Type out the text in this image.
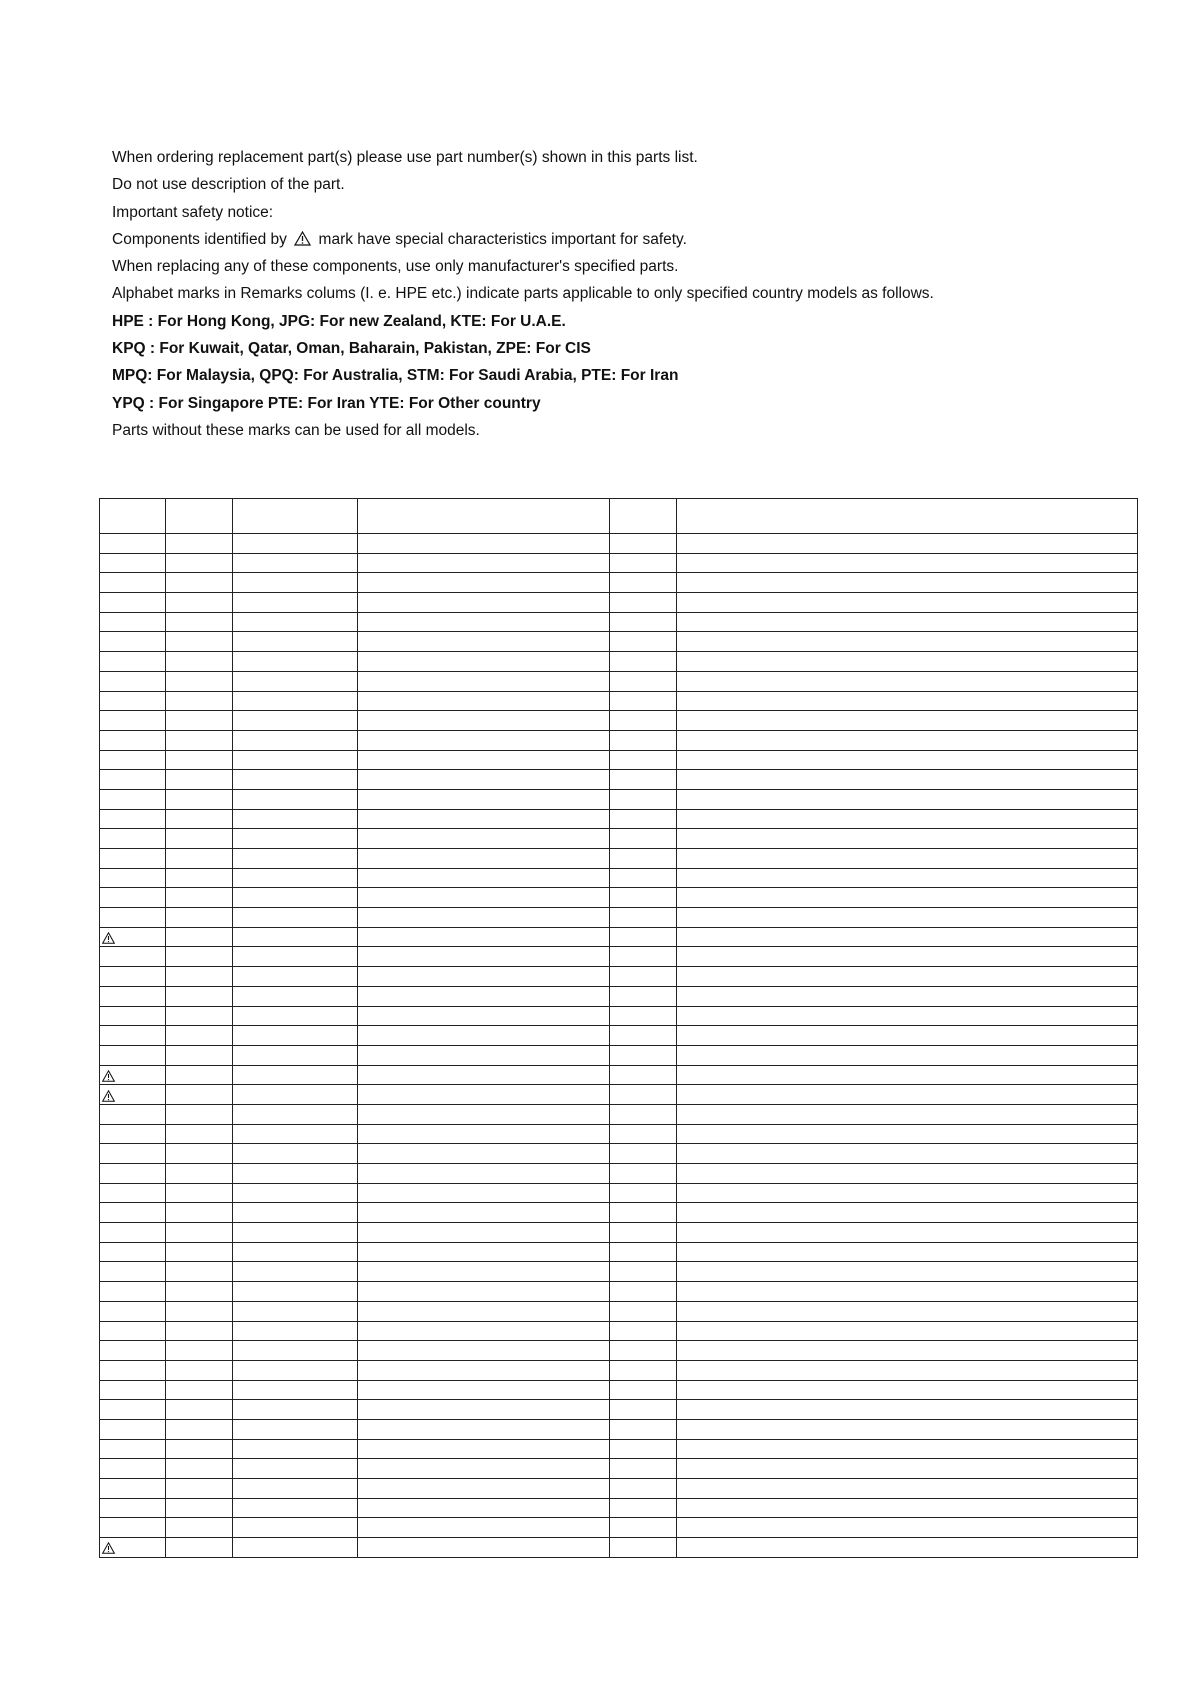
When ordering replacement part(s) please use part number(s) shown in this parts list.
Do not use description of the part.
Important safety notice:
Components identified by mark have special characteristics important for safety.
When replacing any of these components, use only manufacturer's specified parts.
Alphabet marks in Remarks colums (I. e. HPE etc.) indicate parts applicable to only specified country models as follows.
HPE : For Hong Kong, JPG: For new Zealand, KTE: For U.A.E.
KPQ : For Kuwait, Qatar, Oman, Baharain, Pakistan, ZPE: For CIS
MPQ: For Malaysia, QPQ: For Australia, STM: For Saudi Arabia, PTE: For Iran
YPQ : For Singapore PTE: For Iran YTE: For Other country
Parts without these marks can be used for all models.
